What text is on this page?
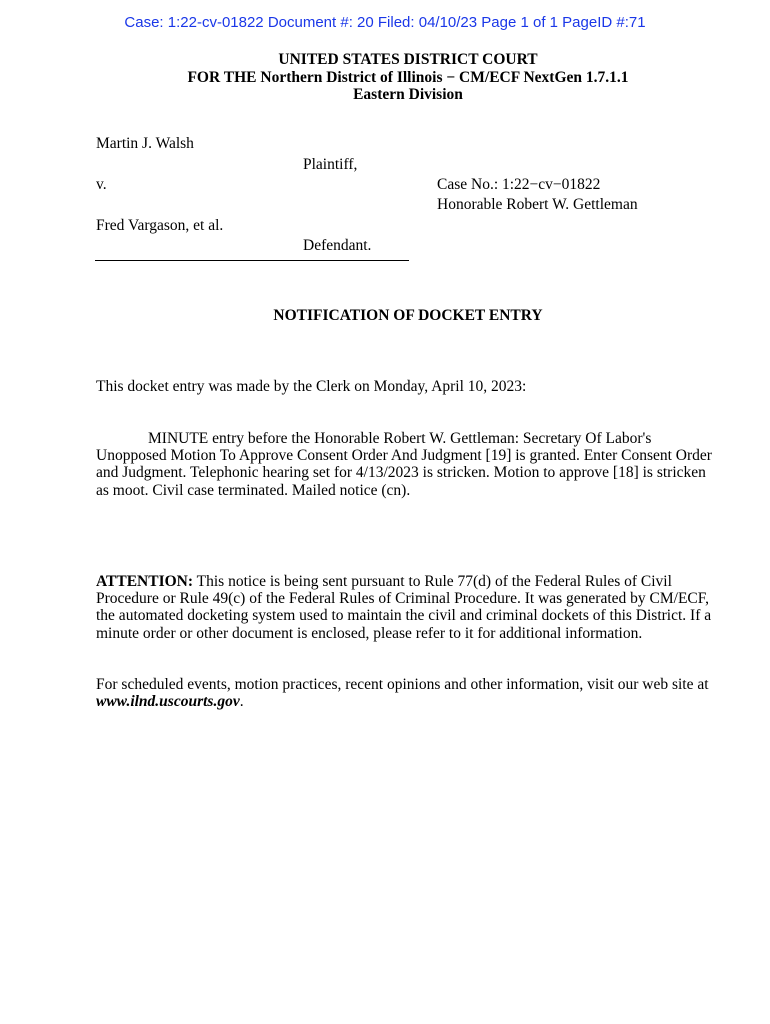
Case: 1:22-cv-01822 Document #: 20 Filed: 04/10/23 Page 1 of 1 PageID #:71
UNITED STATES DISTRICT COURT
FOR THE Northern District of Illinois − CM/ECF NextGen 1.7.1.1
Eastern Division
Martin J. Walsh
Plaintiff,
v.	Case No.: 1:22−cv−01822
Honorable Robert W. Gettleman
Fred Vargason, et al.
Defendant.
NOTIFICATION OF DOCKET ENTRY
This docket entry was made by the Clerk on Monday, April 10, 2023:
MINUTE entry before the Honorable Robert W. Gettleman: Secretary Of Labor's Unopposed Motion To Approve Consent Order And Judgment [19] is granted. Enter Consent Order and Judgment. Telephonic hearing set for 4/13/2023 is stricken. Motion to approve [18] is stricken as moot. Civil case terminated. Mailed notice (cn).
ATTENTION: This notice is being sent pursuant to Rule 77(d) of the Federal Rules of Civil Procedure or Rule 49(c) of the Federal Rules of Criminal Procedure. It was generated by CM/ECF, the automated docketing system used to maintain the civil and criminal dockets of this District. If a minute order or other document is enclosed, please refer to it for additional information.
For scheduled events, motion practices, recent opinions and other information, visit our web site at www.ilnd.uscourts.gov.
